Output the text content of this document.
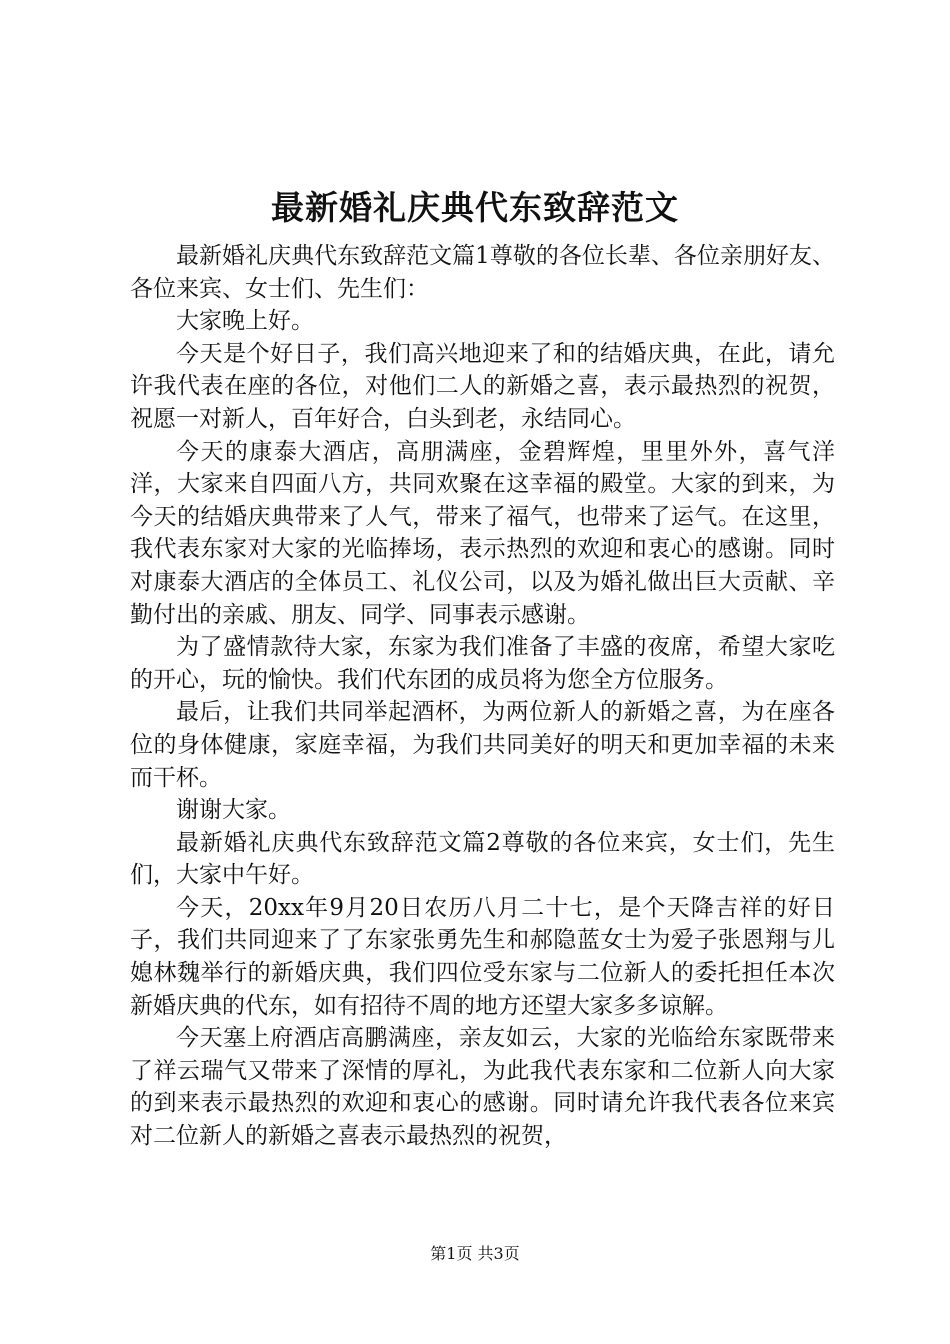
最新婚礼庆典代东致辞范文

最新婚礼庆典代东致辞范文篇1尊敬的各位长辈、各位亲朋好友、各位来宾、女士们、先生们：

大家晚上好。

今天是个好日子，我们高兴地迎来了和的结婚庆典，在此，请允许我代表在座的各位，对他们二人的新婚之喜，表示最热烈的祝贺，祝愿一对新人，百年好合，白头到老，永结同心。

今天的康泰大酒店，高朋满座，金碧辉煌，里里外外，喜气洋洋，大家来自四面八方，共同欢聚在这幸福的殿堂。大家的到来，为今天的结婚庆典带来了人气，带来了福气，也带来了运气。在这里，我代表东家对大家的光临捧场，表示热烈的欢迎和衷心的感谢。同时对康泰大酒店的全体员工、礼仪公司，以及为婚礼做出巨大贡献、辛勤付出的亲戚、朋友、同学、同事表示感谢。

为了盛情款待大家，东家为我们准备了丰盛的夜席，希望大家吃的开心，玩的愉快。我们代东团的成员将为您全方位服务。

最后，让我们共同举起酒杯，为两位新人的新婚之喜，为在座各位的身体健康，家庭幸福，为我们共同美好的明天和更加幸福的未来而干杯。

谢谢大家。

最新婚礼庆典代东致辞范文篇2尊敬的各位来宾，女士们，先生们，大家中午好。

今天，20xx年9月20日农历八月二十七，是个天降吉祥的好日子，我们共同迎来了了东家张勇先生和郝隐蓝女士为爱子张恩翔与儿媳林魏举行的新婚庆典，我们四位受东家与二位新人的委托担任本次新婚庆典的代东，如有招待不周的地方还望大家多多谅解。

今天塞上府酒店高鹏满座，亲友如云，大家的光临给东家既带来了祥云瑞气又带来了深情的厚礼，为此我代表东家和二位新人向大家的到来表示最热烈的欢迎和衷心的感谢。同时请允许我代表各位来宾对二位新人的新婚之喜表示最热烈的祝贺，

第1页 共3页
